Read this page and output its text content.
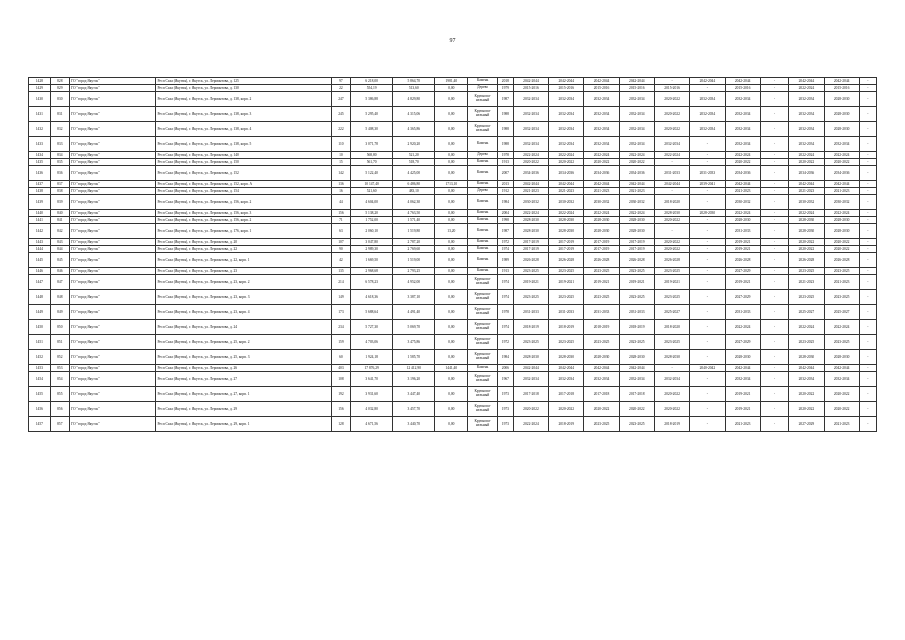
97
1428	828	ГО "город Якутск"	Респ Саха (Якутия), г. Якутск, ул. Лермонтова, д. 125	97	6 218,00	5 864,70	1981,40	Камень	2018	2042-2044	2042-2044	2042-2044	2042-2044	-	2042-2044	2042-2044	-	2042-2044	2042-2044	-
1429	829	ГО "город Якутск"	Респ Саха (Якутия), г. Якутск, ул. Лермонтова, д. 130	22	554,19	513,60	0,00	Дерево	1979	2015-2016	2015-2016	2015-2016	2015-2016	2015-2016	-	2015-2016	-	2022-2024	2015-2016	-
1430	830	ГО "город Якутск"	Респ Саха (Якутия), г. Якутск, ул. Лермонтова, д. 138, корп. 2	247	5 386,88	4 829,80	0,00	Крупнопа-нельный	1987	2032-2034	2032-2034	2032-2034	2032-2034	2020-2022	2032-2034	2032-2034	-	2032-2034	2028-2030	-
1431	831	ГО "город Якутск"	Респ Саха (Якутия), г. Якутск, ул. Лермонтова, д. 138, корп. 3	245	5 295,40	4 315,06	0,00	Крупнопа-нельный	1988	2032-2034	2032-2034	2032-2034	2032-2034	2020-2022	2032-2034	2032-2034	-	2032-2034	2028-2030	-
1432	832	ГО "город Якутск"	Респ Саха (Якутия), г. Якутск, ул. Лермонтова, д. 138, корп. 4	222	5 408,30	4 365,86	0,00	Крупнопа-нельный	1988	2032-2034	2032-2034	2032-2034	2032-2034	2020-2022	2032-2034	2032-2034	-	2032-2034	2028-2030	-
1433	833	ГО "город Якутск"	Респ Саха (Якутия), г. Якутск, ул. Лермонтова, д. 138, корп. 5	110	3 071,78	2 920,20	0,00	Камень	1988	2032-2034	2032-2034	2032-2034	2032-2034	2032-2034	-	2032-2034	-	2032-2034	2032-2034	-
1434	834	ГО "город Якутск"	Респ Саха (Якутия), г. Якутск, ул. Лермонтова, д. 140	10	568,80	521,20	0,00	Дерево	1978	2022-2024	2022-2024	2022-2024	2022-2024	2022-2024	-	2022-2024	-	2022-2024	2022-2024	-
1435	835	ГО "город Якутск"	Респ Саха (Якутия), г. Якутск, ул. Лермонтова, д. 150	15	561,70	518,70	0,00	Камень	1913	2020-2022	2020-2022	2020-2022	2020-2022	-	-	2020-2022	-	2020-2022	2020-2022	-
1436	836	ГО "город Якутск"	Респ Саха (Якутия), г. Якутск, ул. Лермонтова, д. 152	142	5 122,40	4 425,00	0,00	Камень	2007	2034-2036	2034-2036	2034-2036	2034-2036	2031-2033	2031-2033	2034-2036	-	2034-2036	2034-2036	-
1437	837	ГО "город Якутск"	Респ Саха (Якутия), г. Якутск, ул. Лермонтова, д. 152, корп. А	136	10 147,40	6 486,80	1713,10	Камень	2013	2042-2044	2042-2044	2042-2044	2042-2044	2042-2044	2039-2041	2042-2044	-	2042-2044	2042-2044	-
1438	838	ГО "город Якутск"	Респ Саха (Якутия), г. Якутск, ул. Лермонтова, д. 154	16	521,60	483,10	0,00	Дерево	1912	2021-2023	2021-2023	2021-2023	2021-2023	-	-	2021-2023	-	2021-2023	2021-2023	-
1439	839	ГО "город Якутск"	Респ Саха (Якутия), г. Якутск, ул. Лермонтова, д. 156, корп. 2	44	4 604,00	4 062,30	0,00	Камень	1984	2030-2032	2030-2032	2030-2032	2030-2032	2018-2020	-	2030-2032	-	2030-2032	2030-2032	-
1440	840	ГО "город Якутск"	Респ Саха (Якутия), г. Якутск, ул. Лермонтова, д. 156, корп. 3	156	5 138,20	4 763,50	0,00	Камень	2004	2022-2024	2022-2024	2022-2024	2022-2024	2028-2030	2028-2030	2022-2024	-	2022-2024	2022-2024	-
1441	841	ГО "город Якутск"	Респ Саха (Якутия), г. Якутск, ул. Лермонтова, д. 156, корп. 2	71	1 752,00	1 571,40	0,00	Камень	1998	2028-2030	2028-2030	2028-2030	2028-2030	2020-2022	-	2028-2030	-	2028-2030	2028-2030	-
1442	842	ГО "город Якутск"	Респ Саха (Якутия), г. Якутск, ул. Лермонтова, д. 176, корп. 1	63	2 060,10	1 519,80	13,20	Камень	1987	2028-2030	2028-2030	2028-2030	2028-2030	-	-	2031-2033	-	2028-2030	2028-2030	-
1443	843	ГО "город Якутск"	Респ Саха (Якутия), г. Якутск, ул. Лермонтова, д. 20	107	3 047,80	2 787,20	0,00	Камень	1972	2017-2019	2017-2019	2017-2019	2017-2019	2020-2022	-	2019-2021	-	2020-2022	2020-2022	-
1444	844	ГО "город Якутск"	Респ Саха (Якутия), г. Якутск, ул. Лермонтова, д. 22	90	2 989,30	2 769,60	0,00	Камень	1974	2017-2019	2017-2019	2017-2019	2017-2019	2020-2022	-	2019-2021	-	2020-2022	2020-2022	-
1445	845	ГО "город Якутск"	Респ Саха (Якутия), г. Якутск, ул. Лермонтова, д. 22, корп. 1	42	1 669,50	1 519,00	0,00	Камень	1989	2026-2028	2026-2028	2026-2028	2026-2028	2026-2028	-	2026-2028	-	2026-2028	2026-2028	-
1446	846	ГО "город Якутск"	Респ Саха (Якутия), г. Якутск, ул. Лермонтова, д. 23	135	2 968,68	2 793,25	0,00	Камень	1913	2023-2025	2023-2025	2023-2025	2023-2025	2023-2025	-	2027-2029	-	2023-2025	2023-2025	-
1447	847	ГО "город Якутск"	Респ Саха (Якутия), г. Якутск, ул. Лермонтова, д. 23, корп. 2	214	6 578,23	4 952,00	0,00	Крупнопа-нельный	1974	2019-2021	2019-2021	2019-2021	2019-2021	2019-2021	-	2019-2021	-	2021-2023	2021-2023	-
1448	848	ГО "город Якутск"	Респ Саха (Якутия), г. Якутск, ул. Лермонтова, д. 23, корп. 3	149	4 618,36	3 387,10	0,00	Крупнопа-нельный	1974	2023-2025	2023-2025	2023-2025	2023-2025	2023-2025	-	2027-2029	-	2023-2025	2023-2025	-
1449	849	ГО "город Якутск"	Респ Саха (Якутия), г. Якутск, ул. Лермонтова, д. 23, корп. 4	173	5 688,64	4 491,40	0,00	Крупнопа-нельный	1978	2031-2033	2031-2033	2031-2033	2031-2033	2025-2027	-	2031-2033	-	2025-2027	2025-2027	-
1450	850	ГО "город Якутск"	Респ Саха (Якутия), г. Якутск, ул. Лермонтова, д. 24	234	5 727,30	5 069,70	0,00	Крупнопа-нельный	1974	2018-2019	2018-2019	2018-2019	2018-2019	2018-2020	-	2022-2024	-	2022-2024	2022-2024	-
1451	851	ГО "город Якутск"	Респ Саха (Якутия), г. Якутск, ул. Лермонтова, д. 25, корп. 2	159	4 703,06	3 475,86	0,00	Крупнопа-нельный	1972	2023-2025	2023-2025	2023-2025	2023-2025	2023-2025	-	2027-2029	-	2023-2025	2023-2025	-
1452	852	ГО "город Якутск"	Респ Саха (Якутия), г. Якутск, ул. Лермонтова, д. 25, корп. 3	60	1 924,18	1 585,70	0,00	Крупнопа-нельный	1984	2028-2030	2028-2030	2028-2030	2028-2030	2028-2030	-	2028-2030	-	2028-2030	2028-2030	-
1453	853	ГО "город Якутск"	Респ Саха (Якутия), г. Якутск, ул. Лермонтова, д. 26	403	17 876,29	12 412,90	1441,40	Камень	2006	2042-2044	2042-2044	2042-2044	2042-2044	-	2040-2042	2042-2044	-	2042-2044	2042-2044	-
1454	854	ГО "город Якутск"	Респ Саха (Якутия), г. Якутск, ул. Лермонтова, д. 27	108	3 641,70	3 196,20	0,00	Крупнопа-нельный	1967	2032-2034	2032-2034	2032-2034	2032-2034	2032-2034	-	2032-2034	-	2032-2034	2032-2034	-
1455	855	ГО "город Якутск"	Респ Саха (Якутия), г. Якутск, ул. Лермонтова, д. 27, корп. 1	192	3 931,60	3 447,40	0,00	Крупнопа-нельный	1973	2017-2018	2017-2018	2017-2018	2017-2018	2020-2022	-	2019-2021	-	2020-2022	2020-2022	-
1456	856	ГО "город Якутск"	Респ Саха (Якутия), г. Якутск, ул. Лермонтова, д. 29	156	4 032,80	3 457,70	0,00	Крупнопа-нельный	1973	2020-2022	2020-2022	2020-2022	2020-2022	2020-2022	-	2019-2021	-	2020-2022	2020-2022	-
1457	857	ГО "город Якутск"	Респ Саха (Якутия), г. Якутск, ул. Лермонтова, д. 29, корп. 1	128	4 671,56	3 440,70	0,00	Крупнопа-нельный	1973	2022-2024	2018-2019	2023-2025	2023-2025	2018-2019	-	2021-2023	-	2027-2029	2021-2023	-
